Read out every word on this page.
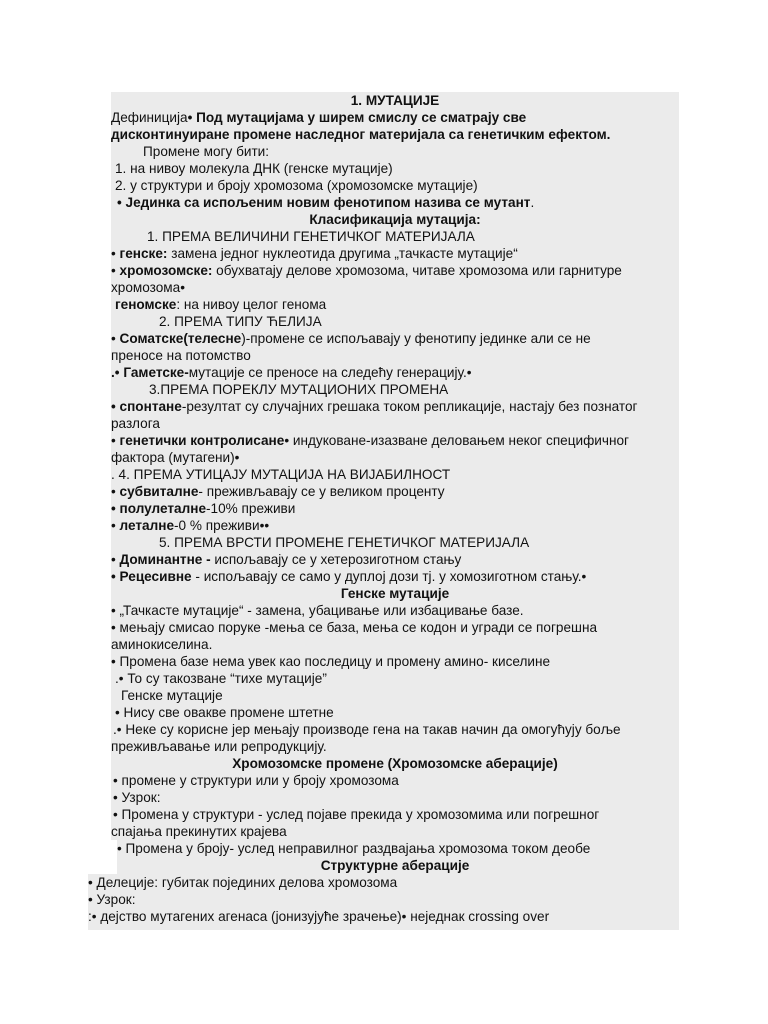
1. МУТАЦИЈЕ
Дефиниција• Под мутацијама у ширем смислу се сматрају све
дисконтинуиране промене наследног материјала са генетичким ефектом.
Промене могу бити:
1. на нивоу молекула ДНК (генске мутације)
2. у структури и броју хромозома (хромозомске мутације)
• Јединка са испољеним новим фенотипом назива се мутант.
Класификација мутација:
1. ПРЕМА ВЕЛИЧИНИ ГЕНЕТИЧКОГ МАТЕРИЈАЛА
• генске: замена једног нуклеотида другима „тачкасте мутације“
• хромозомске: обухватају делове хромозома, читаве хромозома или гарнитуре
хромозома•
геномске: на нивоу целог генома
2. ПРЕМА ТИПУ ЋЕЛИЈА
• Соматске(телесне)-промене се испољавају у фенотипу јединке али се не
преносе на потомство
.• Гаметске-мутације се преносе на следећу генерацију.•
3.ПРЕМА ПОРЕКЛУ МУТАЦИОНИХ ПРОМЕНА
• спонтане-резултат су случајних грешака током репликације, настају без познатог
разлога
• генетички контролисане• индуковане-изазване деловањем неког специфичног
фактора (мутагени)•
. 4. ПРЕМА УТИЦАЈУ МУТАЦИЈА НА ВИЈАБИЛНОСТ
• субвиталне- преживљавају се у великом проценту
• полулеталне-10% преживи
• леталне-0 % преживи••
5. ПРЕМА ВРСТИ ПРОМЕНЕ ГЕНЕТИЧКОГ МАТЕРИЈАЛА
• Доминантне - испољавају се у хетерозиготном стању
• Рецесивне - испољавају се само у дуплој дози тј. у хомозиготном стању.•
Генске мутације
• „Тачкасте мутације“ - замена, убацивање или избацивање базе.
• мењају смисао поруке -мења се база, мења се кодон и угради се погрешна
аминокиселина.
• Промена базе нема увек као последицу и промену амино- киселине
.• То су такозване “тихе мутације”
Генске мутације
• Нису све овакве промене штетне
.• Неке су корисне јер мењају производе гена на такав начин да омогућују боље
преживљавање или репродукцију.
Хромозомске промене (Хромозомске аберације)
• промене у структури или у броју хромозома
• Узрок:
• Промена у структури - услед појаве прекида у хромозомима или погрешног
спајања прекинутих крајева
• Промена у броју- услед неправилног раздвајања хромозома током деобе
Структурне аберације
• Делеције: губитак појединих делова хромозома
• Узрок:
:• дејство мутагених агенаса (јонизујуће зрачење)• неједнак crossing over
